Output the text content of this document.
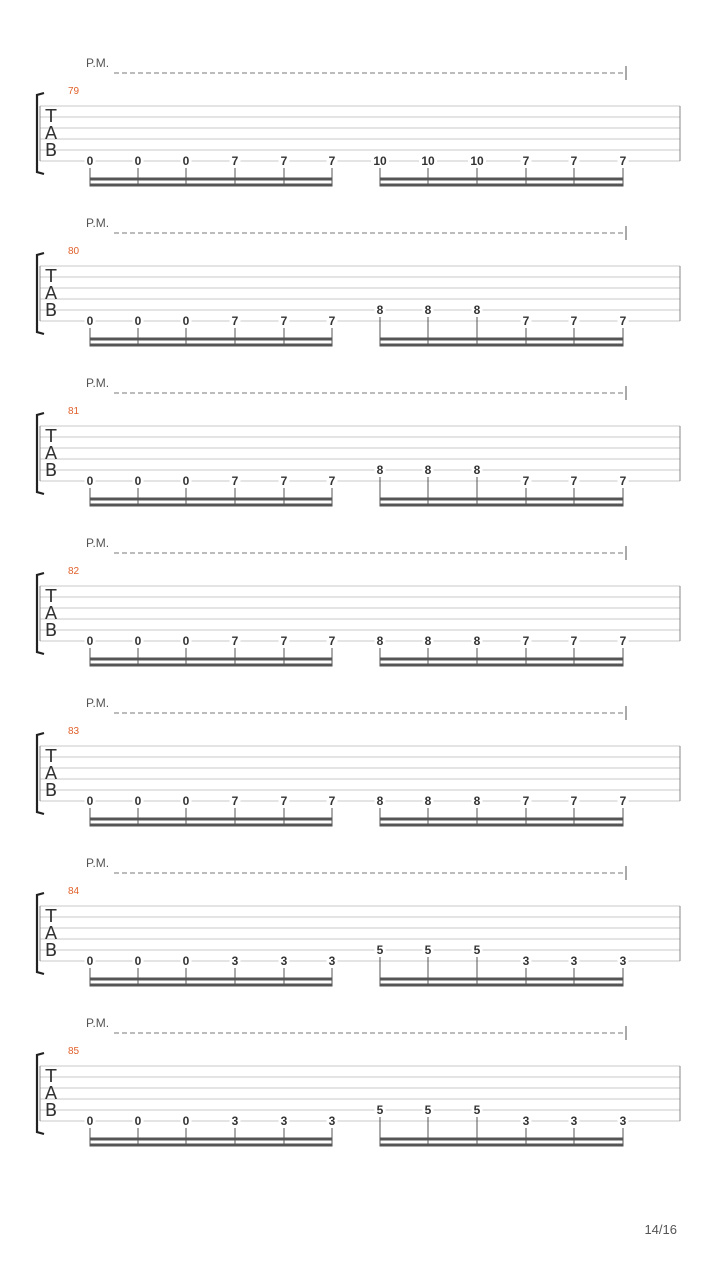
P.M.
79
T
A
B 0	0	0	7	7	7	10	10	10	7	7	7
P.M.
80
T
A
B 0	0	0	7	7	7
8	8	8
7	7	7
P.M.
81
T
A
B 0	0	0	7	7	7
8	8	8
7	7	7
P.M.
82
T
A
B 0	0	0	7	7	7	8	8	8	7	7	7
P.M.
83
T
A
B 0	0	0	7	7	7	8	8	8	7	7	7
P.M.
84
T
A
B 0	0	0	3	3	3
5	5	5
3	3	3
P.M.
85
T
A
B 0	0	0	3	3	3
5	5	5
3	3	3
14/16
